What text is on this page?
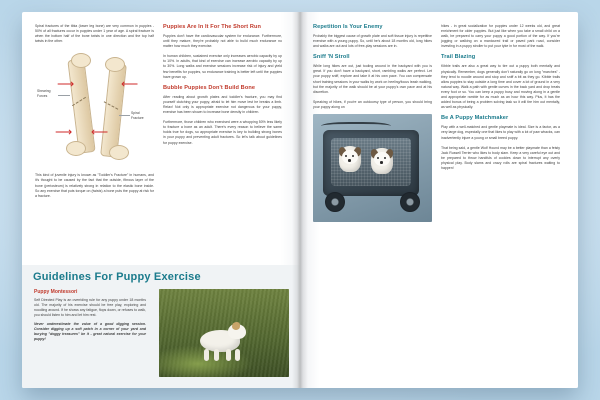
Spiral fractures of the tibia (lower leg bone) are very common in puppies - 50% of all fractures occur in puppies under 1 year of age. A spiral fracture is when the bottom half of the bone twists in one direction and the top half twists in the other.

⟶
⟵
⟵
⟶
Shearing Forces
Spiral Fracture

This kind of juvenile injury is known as "Toddler's Fracture" in humans, and it's thought to be caused by the fact that the outside, fibrous layer of the bone (periosteum) is relatively strong in relation to the elastic bone inside. So any exercise that puts torque on (twists) a bone puts the puppy at risk for a fracture.

Puppies Are In It For The Short Run

Puppies don't have the cardiovascular system for endurance. Furthermore, until they mature, they're probably not able to build much endurance no matter how much they exercise.

In human children, sustained exercise only increases aerobic capacity by up to 10%. In adults, that kind of exercise can increase aerobic capacity by up to 30%. Long walks and exercise sessions increase risk of injury and yield few benefits for puppies, so endurance training is better left until the puppies have grown up.

Bubble Puppies Don't Build Bone

After reading about growth plates and toddler's fracture, you may find yourself clutching your puppy, afraid to let him move lest he breaks a limb. Relax! Not only is appropriate exercise not dangerous for your puppy, exercise has been shown to increase bone density in children.

Furthermore, those children who exercised were a whopping 50% less likely to fracture a bone as an adult. There's every reason to believe the same holds true for dogs, so appropriate exercise is key to building strong bones in your puppy and preventing adult fractures. So let's talk about guidelines for puppy exercise.

Guidelines For Puppy Exercise
Puppy Montessori

Self Directed Play is an overriding rule for any puppy under 18 months old. The majority of his exercise should be free play, exploring and noodling around. If he shows any fatigue, flops down, or refuses to walk, you should listen to him and let him rest.

Never underestimate the value of a good digging session. Consider digging up a soft patch in a corner of your yard and burying "doggy treasures" be it - great natural exercise for your puppy!

Repetition Is Your Enemy

Probably the biggest cause of growth plate and soft tissue injury is repetitive exercise with a young puppy. So, until he's about 18 months old, long hikes and walks are out and lots of free-play sessions are in.

Sniff 'N Stroll

While long hikes are out, just tooling around in the backyard with you is great. If you don't have a backyard, short, rambling walks are perfect. Let your puppy sniff, explore and take it at his own pace. You can compensate short training sessions in your walks by work on heeling/focus leash walking, but the majority of the walk should be at your puppy's own pace and at his discretion.

Speaking of hikes, if you're an outdoorsy type of person, you should bring your puppy along on

hikes - in great socialization for puppies under 12 weeks old, and great enrichment for older puppies. But just like when you take a small child on a walk, be prepared to carry your puppy a good portion of the way. If you're jogging or walking on a manicured trail or paved park road, consider investing in a puppy stroller to put your tyke in for most of the walk.

Trail Blazing

Kibble trails are also a great way to tire out a puppy both mentally and physically. Remember, dogs generally don't naturally go on long "marches" - they tend to noodle around and stop and sniff a bit as they go. Kibble trails allow puppies to stay outside a long time and cover a lot of ground in a very natural way. Walk a path with gentle curves in the back yard and drop treats every foot or so. You can keep a puppy busy and moving along in a gentle and appropriate ramble for as much as an hour this way. Plus, it has the added bonus of being a problem solving task so it will tire him out mentally, as well as physically.

Be A Puppy Matchmaker

Play with a well-matched and gentle playmate is ideal. Size is a factor, as a very large dog, especially one that likes to play with a lot of paw whacks, can inadvertently injure a young or small breed puppy.

That being said, a gentle Wolf Hound may be a better playmate than a feisty Jack Russell Terrier who likes to body slam. Keep a very careful eye out and be prepared to throw handfuls of cookies down to interrupt any overly physical play. Body slams and crazy rolls are spiral fractures waiting to happen!
